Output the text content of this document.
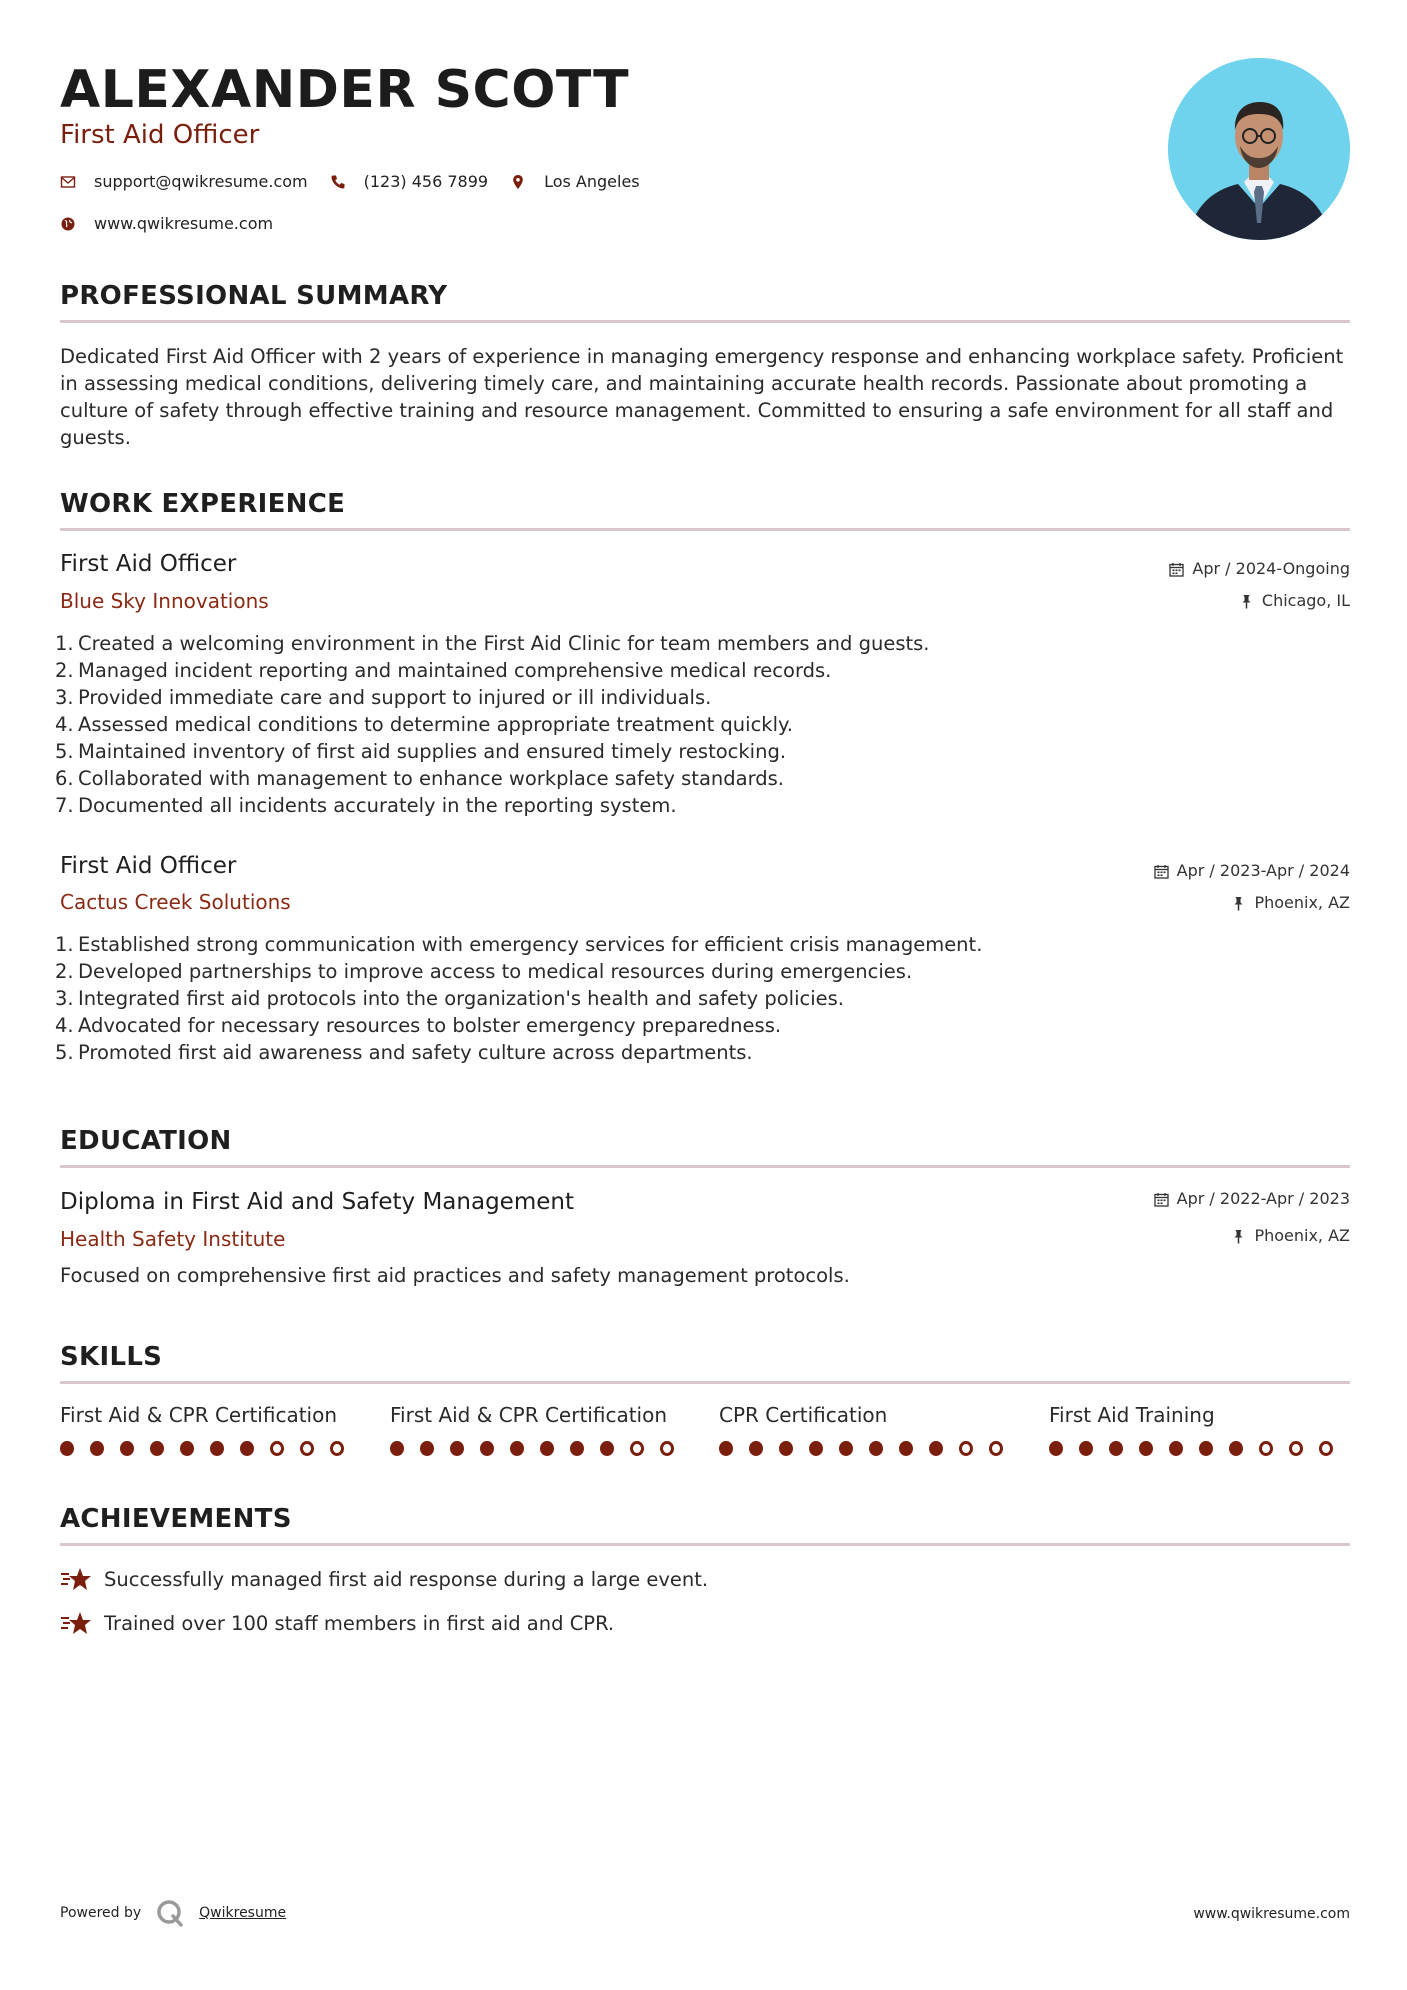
ALEXANDER SCOTT
First Aid Officer
support@qwikresume.com	(123) 456 7899	Los Angeles
www.qwikresume.com
PROFESSIONAL SUMMARY

Dedicated First Aid Officer with 2 years of experience in managing emergency response and enhancing workplace safety. Proficient in assessing medical conditions, delivering timely care, and maintaining accurate health records. Passionate about promoting a culture of safety through effective training and resource management. Committed to ensuring a safe environment for all staff and guests.

WORK EXPERIENCE
First Aid Officer
Blue Sky Innovations
Apr / 2024-Ongoing
Chicago, IL
1. Created a welcoming environment in the First Aid Clinic for team members and guests.
2. Managed incident reporting and maintained comprehensive medical records.
3. Provided immediate care and support to injured or ill individuals.
4. Assessed medical conditions to determine appropriate treatment quickly.
5. Maintained inventory of first aid supplies and ensured timely restocking.
6. Collaborated with management to enhance workplace safety standards.
7. Documented all incidents accurately in the reporting system.
First Aid Officer
Cactus Creek Solutions
Apr / 2023-Apr / 2024
Phoenix, AZ
1. Established strong communication with emergency services for efficient crisis management.
2. Developed partnerships to improve access to medical resources during emergencies.
3. Integrated first aid protocols into the organization's health and safety policies.
4. Advocated for necessary resources to bolster emergency preparedness.
5. Promoted first aid awareness and safety culture across departments.
EDUCATION
Diploma in First Aid and Safety Management
Health Safety Institute
Apr / 2022-Apr / 2023
Phoenix, AZ
Focused on comprehensive first aid practices and safety management protocols.
SKILLS
First Aid & CPR Certification	First Aid & CPR Certification	CPR Certification	First Aid Training
ACHIEVEMENTS
Successfully managed first aid response during a large event.
Trained over 100 staff members in first aid and CPR.
Powered by	Qwikresume	www.qwikresume.com
